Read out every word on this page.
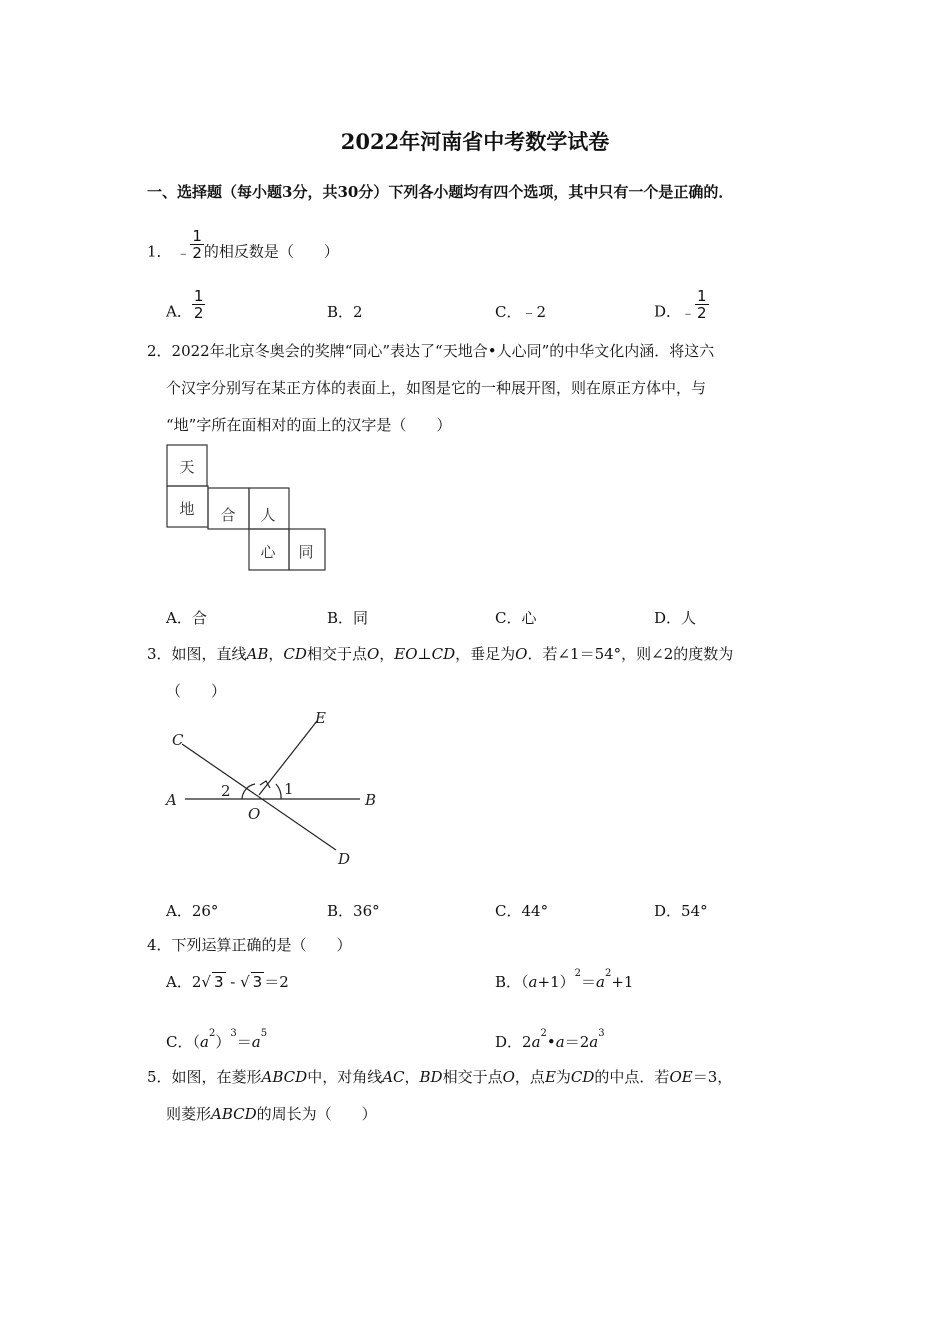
2022年河南省中考数学试卷
一、选择题（每小题3分，共30分）下列各小题均有四个选项，其中只有一个是正确的．
1． ﹣ $\frac{1}{2}$ 的相反数是（　　）
A． $\frac{1}{2}$	B．2	C．﹣2	D．﹣ $\frac{1}{2}$
2．2022年北京冬奥会的奖牌“同心”表达了“天地合•人心同”的中华文化内涵．将这六
个汉字分别写在某正方体的表面上，如图是它的一种展开图，则在原正方体中，与
“地”字所在面相对的面上的汉字是（　　）
天
地 合 人
心 同
A．合	B．同	C．心	D．人
3．如图，直线AB，CD相交于点O，EO⊥CD，垂足为O．若∠1＝54°，则∠2的度数为
（　　）
C
E
A	B
O
D
1
2
A．26°	B．36°	C．44°	D．54°
4．下列运算正确的是（　　）
A．2√ 3 - √ 3 ＝2	B．$(a+1)^2=a^2+1$
C．$(a^2)^3=a^5$	D．$2a^2•a=2a^3$
5．如图，在菱形ABCD中，对角线AC，BD相交于点O，点E为CD的中点．若OE＝3，
则菱形ABCD的周长为（　　）
